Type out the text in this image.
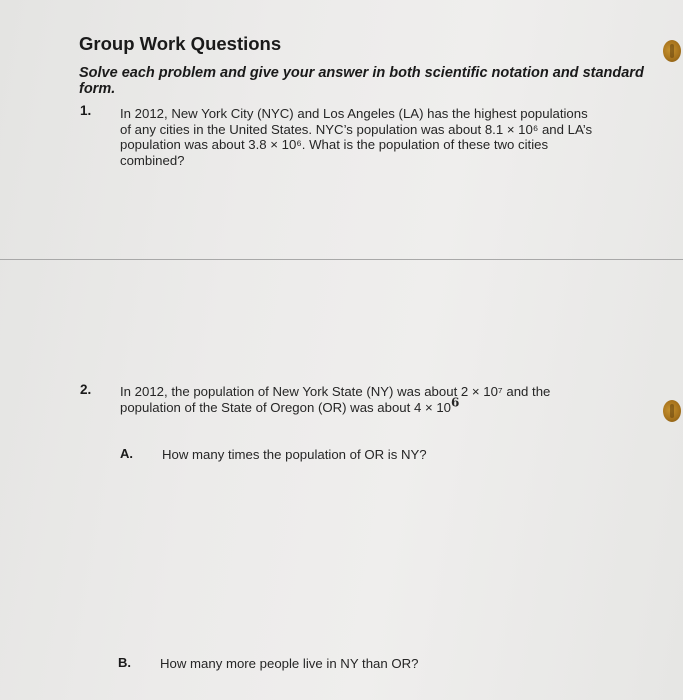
Group Work Questions
Solve each problem and give your answer in both scientific notation and standard form.
1. In 2012, New York City (NYC) and Los Angeles (LA) has the highest populations
of any cities in the United States. NYC’s population was about 8.1 × 10⁶ and LA’s
population was about 3.8 × 10⁶. What is the population of these two cities
combined?
2. In 2012, the population of New York State (NY) was about 2 × 10⁷ and the
population of the State of Oregon (OR) was about 4 × 106
A. How many times the population of OR is NY?
B. How many more people live in NY than OR?
